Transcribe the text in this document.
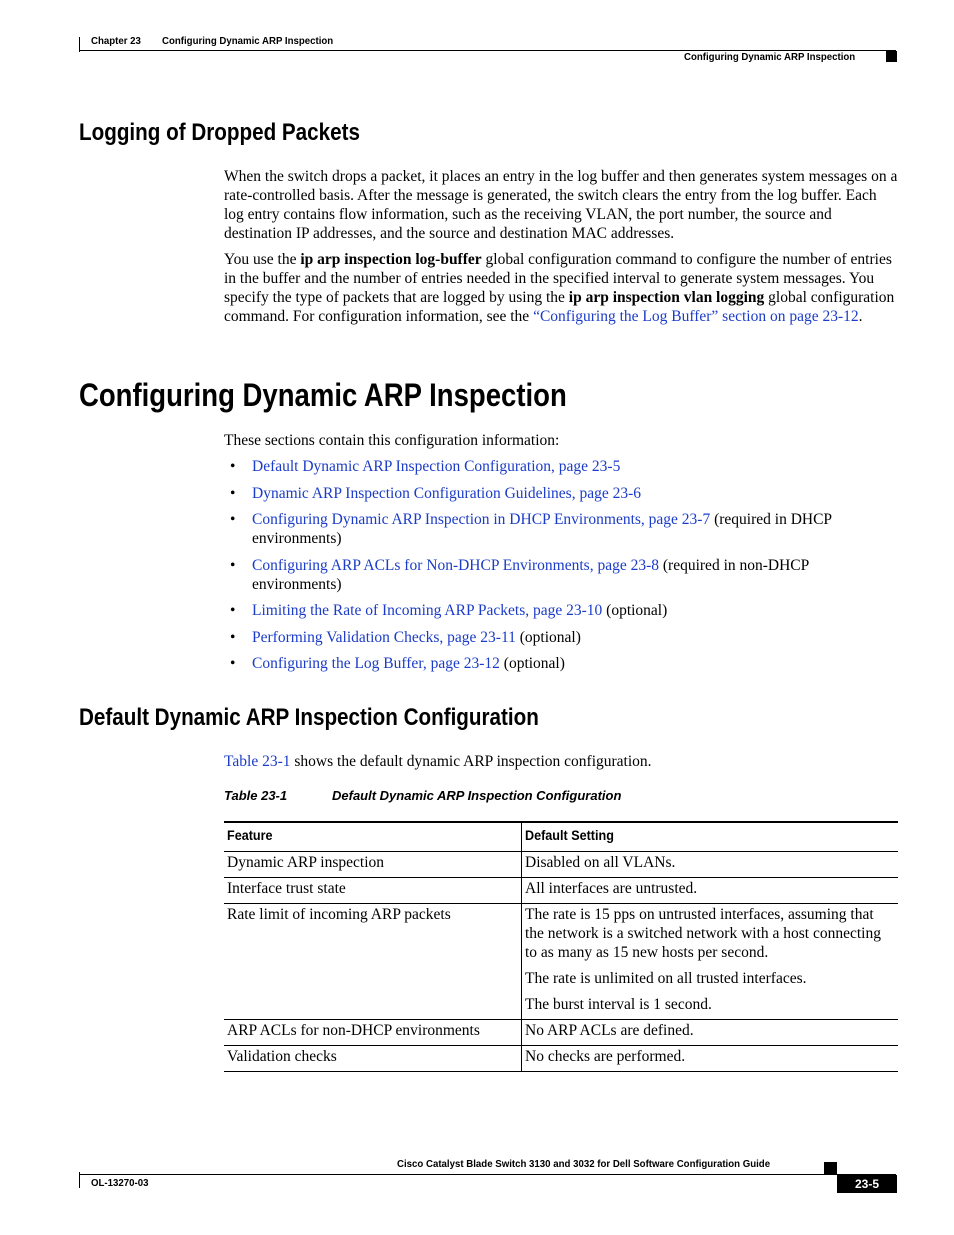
Chapter 23 Configuring Dynamic ARP Inspection
Configuring Dynamic ARP Inspection
Logging of Dropped Packets
When the switch drops a packet, it places an entry in the log buffer and then generates system messages on a rate-controlled basis. After the message is generated, the switch clears the entry from the log buffer. Each log entry contains flow information, such as the receiving VLAN, the port number, the source and destination IP addresses, and the source and destination MAC addresses.
You use the ip arp inspection log-buffer global configuration command to configure the number of entries in the buffer and the number of entries needed in the specified interval to generate system messages. You specify the type of packets that are logged by using the ip arp inspection vlan logging global configuration command. For configuration information, see the “Configuring the Log Buffer” section on page 23-12.
Configuring Dynamic ARP Inspection
These sections contain this configuration information:
• Default Dynamic ARP Inspection Configuration, page 23-5
• Dynamic ARP Inspection Configuration Guidelines, page 23-6
• Configuring Dynamic ARP Inspection in DHCP Environments, page 23-7 (required in DHCP environments)
• Configuring ARP ACLs for Non-DHCP Environments, page 23-8 (required in non-DHCP environments)
• Limiting the Rate of Incoming ARP Packets, page 23-10 (optional)
• Performing Validation Checks, page 23-11 (optional)
• Configuring the Log Buffer, page 23-12 (optional)
Default Dynamic ARP Inspection Configuration
Table 23-1 shows the default dynamic ARP inspection configuration.
Table 23-1	Default Dynamic ARP Inspection Configuration
Feature	Default Setting
Dynamic ARP inspection	Disabled on all VLANs.

Interface trust state	All interfaces are untrusted.

Rate limit of incoming ARP packets	The rate is 15 pps on untrusted interfaces, assuming that the network is a switched network with a host connecting to as many as 15 new hosts per second.

The rate is unlimited on all trusted interfaces.

The burst interval is 1 second.

ARP ACLs for non-DHCP environments	No ARP ACLs are defined.

Validation checks	No checks are performed.

Cisco Catalyst Blade Switch 3130 and 3032 for Dell Software Configuration Guide
OL-13270-03	23-5
